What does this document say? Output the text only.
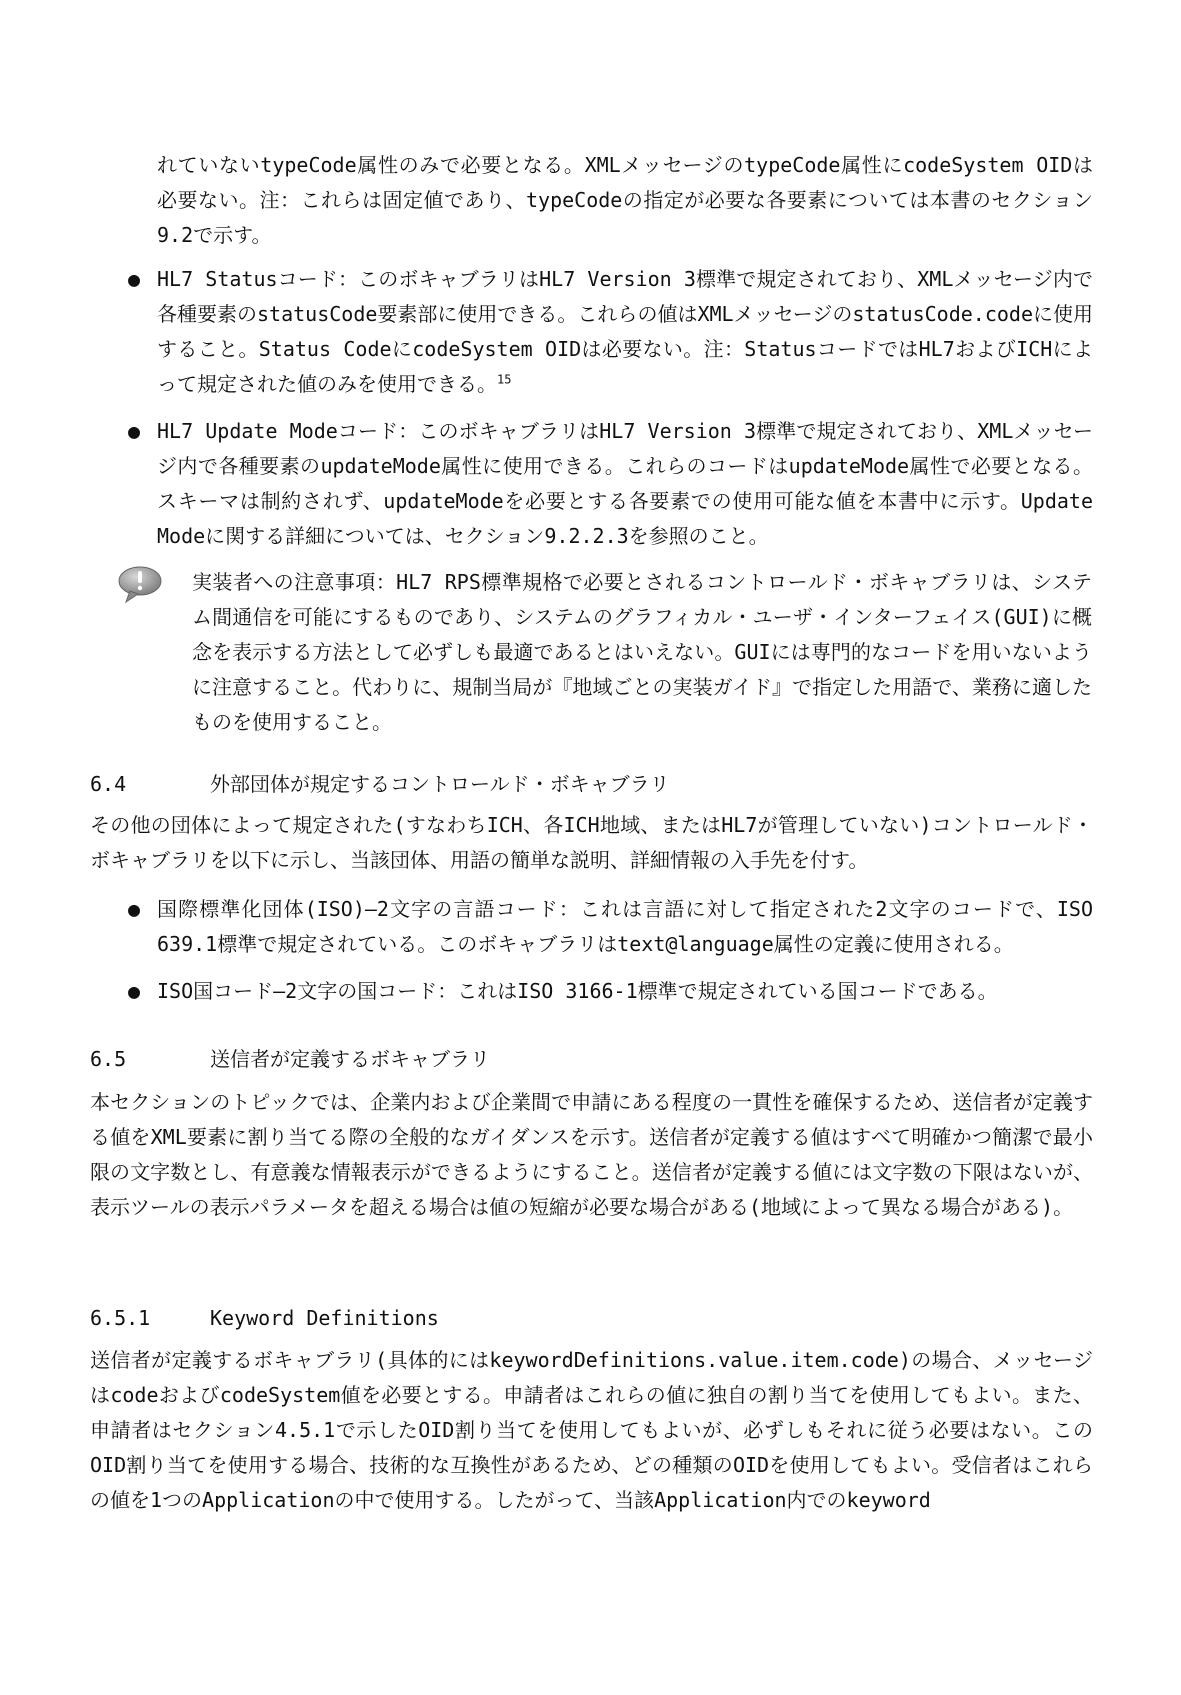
れていないtypeCode属性のみで必要となる。XMLメッセージのtypeCode属性にcodeSystem OIDは必要ない。注：これらは固定値であり、typeCodeの指定が必要な各要素については本書のセクション9.2で示す。

● HL7 Statusコード：このボキャブラリはHL7 Version 3標準で規定されており、XMLメッセージ内で各種要素のstatusCode要素部に使用できる。これらの値はXMLメッセージのstatusCode.codeに使用すること。Status CodeにcodeSystem OIDは必要ない。注：StatusコードではHL7およびICHによって規定された値のみを使用できる。$^{15}$
● HL7 Update Modeコード：このボキャブラリはHL7 Version 3標準で規定されており、XMLメッセージ内で各種要素のupdateMode属性に使用できる。これらのコードはupdateMode属性で必要となる。スキーマは制約されず、updateModeを必要とする各要素での使用可能な値を本書中に示す。Update Modeに関する詳細については、セクション9.2.2.3を参照のこと。

実装者への注意事項：HL7 RPS標準規格で必要とされるコントロールド・ボキャブラリは、システム間通信を可能にするものであり、システムのグラフィカル・ユーザ・インターフェイス(GUI)に概念を表示する方法として必ずしも最適であるとはいえない。GUIには専門的なコードを用いないように注意すること。代わりに、規制当局が『地域ごとの実装ガイド』で指定した用語で、業務に適したものを使用すること。

6.4	外部団体が規定するコントロールド・ボキャブラリ

その他の団体によって規定された(すなわちICH、各ICH地域、またはHL7が管理していない)コントロールド・ボキャブラリを以下に示し、当該団体、用語の簡単な説明、詳細情報の入手先を付す。

● 国際標準化団体(ISO)―2文字の言語コード：これは言語に対して指定された2文字のコードで、ISO 639.1標準で規定されている。このボキャブラリはtext@language属性の定義に使用される。
● ISO国コード―2文字の国コード：これはISO 3166-1標準で規定されている国コードである。
6.5	送信者が定義するボキャブラリ

本セクションのトピックでは、企業内および企業間で申請にある程度の一貫性を確保するため、送信者が定義する値をXML要素に割り当てる際の全般的なガイダンスを示す。送信者が定義する値はすべて明確かつ簡潔で最小限の文字数とし、有意義な情報表示ができるようにすること。送信者が定義する値には文字数の下限はないが、表示ツールの表示パラメータを超える場合は値の短縮が必要な場合がある(地域によって異なる場合がある)。

6.5.1	Keyword Definitions

送信者が定義するボキャブラリ(具体的にはkeywordDefinitions.value.item.code)の場合、メッセージはcodeおよびcodeSystem値を必要とする。申請者はこれらの値に独自の割り当てを使用してもよい。また、申請者はセクション4.5.1で示したOID割り当てを使用してもよいが、必ずしもそれに従う必要はない。このOID割り当てを使用する場合、技術的な互換性があるため、どの種類のOIDを使用してもよい。受信者はこれらの値を1つのApplicationの中で使用する。したがって、当該Application内でのkeyword
